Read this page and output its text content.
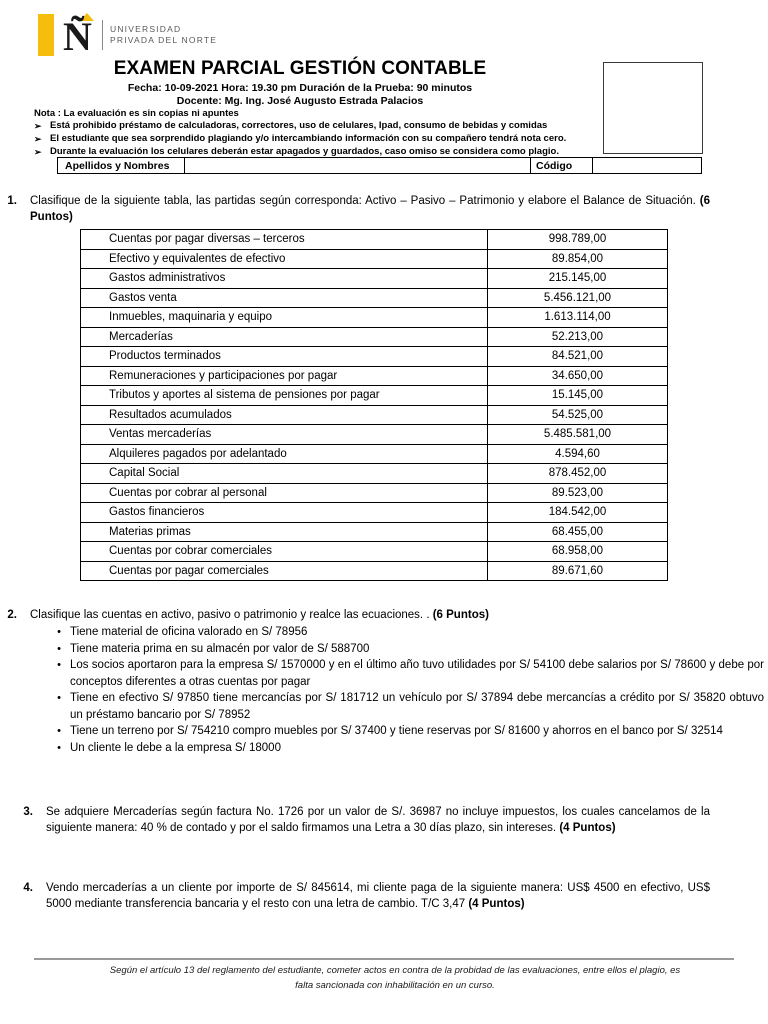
Ñ UNIVERSIDAD
PRIVADA DEL NORTE
EXAMEN PARCIAL GESTIÓN CONTABLE
Fecha: 10-09-2021 Hora: 19.30 pm Duración de la Prueba: 90 minutos
Docente: Mg. Ing. José Augusto Estrada Palacios
Nota : La evaluación es sin copias ni apuntes
➢ Está prohibido préstamo de calculadoras, correctores, uso de celulares, Ipad, consumo de bebidas y comidas
➢ El estudiante que sea sorprendido plagiando y/o intercambiando información con su compañero tendrá nota cero.
➢ Durante la evaluación los celulares deberán estar apagados y guardados, caso omiso se considera como plagio.
Apellidos y Nombres	Código
1.	Clasifique de la siguiente tabla, las partidas según corresponda: Activo – Pasivo – Patrimonio y elabore el Balance de Situación. (6 Puntos)
Cuentas por pagar diversas – terceros	998.789,00
Efectivo y equivalentes de efectivo	89.854,00
Gastos administrativos	215.145,00
Gastos venta	5.456.121,00
Inmuebles, maquinaria y equipo	1.613.114,00
Mercaderías	52.213,00
Productos terminados	84.521,00
Remuneraciones y participaciones por pagar	34.650,00
Tributos y aportes al sistema de pensiones por pagar	15.145,00
Resultados acumulados	54.525,00
Ventas mercaderías	5.485.581,00
Alquileres pagados por adelantado	4.594,60
Capital Social	878.452,00
Cuentas por cobrar al personal	89.523,00
Gastos financieros	184.542,00
Materias primas	68.455,00
Cuentas por cobrar comerciales	68.958,00
Cuentas por pagar comerciales	89.671,60
2.	Clasifique las cuentas en activo, pasivo o patrimonio y realce las ecuaciones. . (6 Puntos)
• Tiene material de oficina valorado en S/ 78956
• Tiene materia prima en su almacén por valor de S/ 588700
• Los socios aportaron para la empresa S/ 1570000 y en el último año tuvo utilidades por S/ 54100 debe salarios por S/ 78600 y debe por conceptos diferentes a otras cuentas por pagar
• Tiene en efectivo S/ 97850 tiene mercancías por S/ 181712 un vehículo por S/ 37894 debe mercancías a crédito por S/ 35820 obtuvo un préstamo bancario por S/ 78952
• Tiene un terreno por S/ 754210 compro muebles por S/ 37400 y tiene reservas por S/ 81600 y ahorros en el banco por S/ 32514
• Un cliente le debe a la empresa S/ 18000
3.	Se adquiere Mercaderías según factura No. 1726 por un valor de S/. 36987 no incluye impuestos, los cuales cancelamos de la siguiente manera: 40 % de contado y por el saldo firmamos una Letra a 30 días plazo, sin intereses. (4 Puntos)
4.	Vendo mercaderías a un cliente por importe de S/ 845614, mi cliente paga de la siguiente manera: US$ 4500 en efectivo, US$ 5000 mediante transferencia bancaria y el resto con una letra de cambio. T/C 3,47 (4 Puntos)
Según el artículo 13 del reglamento del estudiante, cometer actos en contra de la probidad de las evaluaciones, entre ellos el plagio, es falta sancionada con inhabilitación en un curso.
